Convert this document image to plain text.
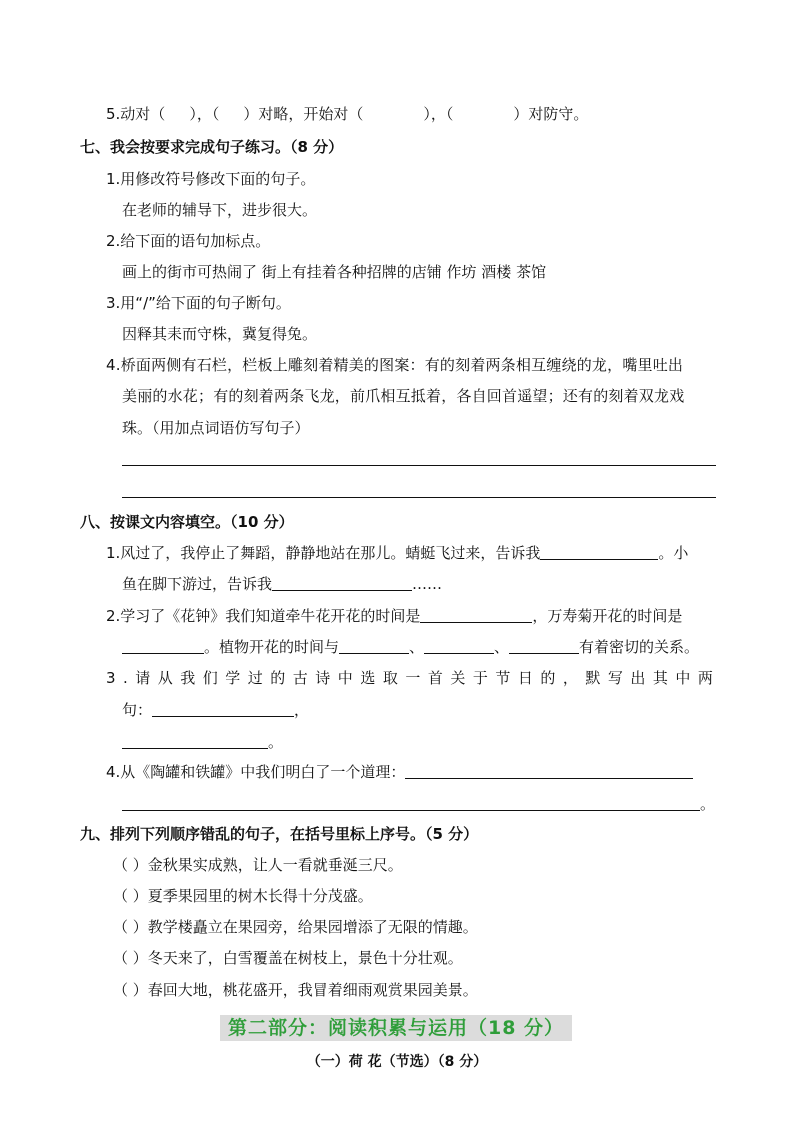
5.动对（ ），（ ）对略，开始对（	），（	）对防守。
七、我会按要求完成句子练习。（8 分）
1.用修改符号修改下面的句子。
在老师的辅导下，进步很大。
2.给下面的语句加标点。
画上的街市可热闹了 街上有挂着各种招牌的店铺 作坊 酒楼 茶馆
3.用“/”给下面的句子断句。
因释其耒而守株，冀复得兔。
4.桥面两侧有石栏，栏板上雕刻着精美的图案：有的刻着两条相互缠绕的龙，嘴里吐出
美丽的水花；有的刻着两条飞龙，前爪相互抵着，各自回首遥望；还有的刻着双龙戏
珠。（用加点词语仿写句子）
八、按课文内容填空。（10 分）
1.风过了，我停止了舞蹈，静静地站在那儿。蜻蜓飞过来，告诉我	。小
鱼在脚下游过，告诉我	……
2.学习了《花钟》我们知道牵牛花开花的时间是	，万寿菊开花的时间是
。植物开花的时间与	、	、	有着密切的关系。
3.请从我们学过的古诗中选取一首关于节日的，默写出其中两
句：	，
。
4.从《陶罐和铁罐》中我们明白了一个道理：
。
九、排列下列顺序错乱的句子，在括号里标上序号。（5 分）
（ ）金秋果实成熟，让人一看就垂涎三尺。
（ ）夏季果园里的树木长得十分茂盛。
（ ）教学楼矗立在果园旁，给果园增添了无限的情趣。
（ ）冬天来了，白雪覆盖在树枝上，景色十分壮观。
（ ）春回大地，桃花盛开，我冒着细雨观赏果园美景。
第二部分：阅读积累与运用（18 分）
（一）荷 花（节选）（8 分）
